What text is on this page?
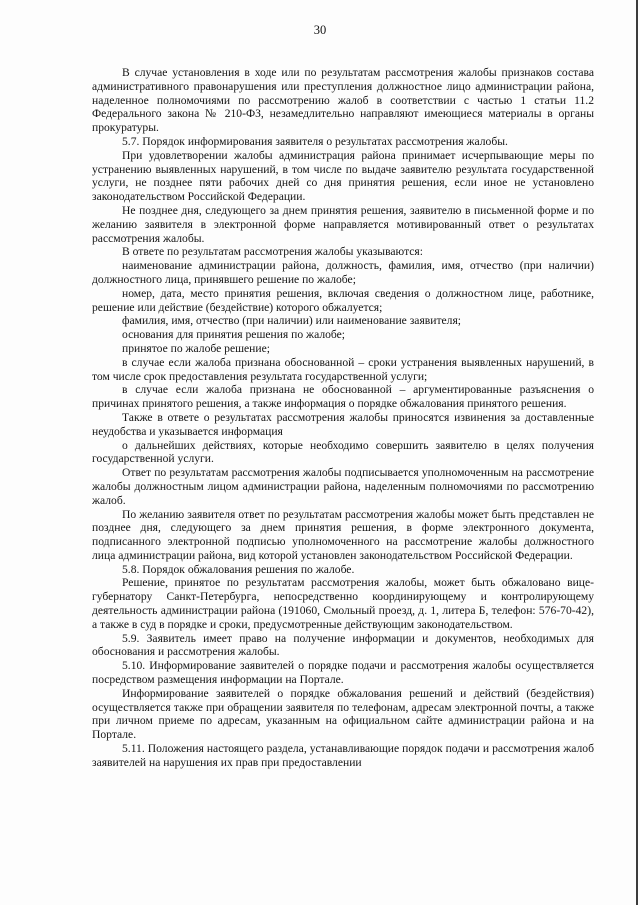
30

В случае установления в ходе или по результатам рассмотрения жалобы признаков состава административного правонарушения или преступления должностное лицо администрации района, наделенное полномочиями по рассмотрению жалоб в соответствии с частью 1 статьи 11.2 Федерального закона № 210-ФЗ, незамедлительно направляют имеющиеся материалы в органы прокуратуры.

5.7. Порядок информирования заявителя о результатах рассмотрения жалобы.

При удовлетворении жалобы администрация района принимает исчерпывающие меры по устранению выявленных нарушений, в том числе по выдаче заявителю результата государственной услуги, не позднее пяти рабочих дней со дня принятия решения, если иное не установлено законодательством Российской Федерации.

Не позднее дня, следующего за днем принятия решения, заявителю в письменной форме и по желанию заявителя в электронной форме направляется мотивированный ответ о результатах рассмотрения жалобы.

В ответе по результатам рассмотрения жалобы указываются:

наименование администрации района, должность, фамилия, имя, отчество (при наличии) должностного лица, принявшего решение по жалобе;

номер, дата, место принятия решения, включая сведения о должностном лице, работнике, решение или действие (бездействие) которого обжалуется;

фамилия, имя, отчество (при наличии) или наименование заявителя;

основания для принятия решения по жалобе;

принятое по жалобе решение;

в случае если жалоба признана обоснованной – сроки устранения выявленных нарушений, в том числе срок предоставления результата государственной услуги;

в случае если жалоба признана не обоснованной – аргументированные разъяснения о причинах принятого решения, а также информация о порядке обжалования принятого решения.

Также в ответе о результатах рассмотрения жалобы приносятся извинения за доставленные неудобства и указывается информация

о дальнейших действиях, которые необходимо совершить заявителю в целях получения государственной услуги.

Ответ по результатам рассмотрения жалобы подписывается уполномоченным на рассмотрение жалобы должностным лицом администрации района, наделенным полномочиями по рассмотрению жалоб.

По желанию заявителя ответ по результатам рассмотрения жалобы может быть представлен не позднее дня, следующего за днем принятия решения, в форме электронного документа, подписанного электронной подписью уполномоченного на рассмотрение жалобы должностного лица администрации района, вид которой установлен законодательством Российской Федерации.

5.8. Порядок обжалования решения по жалобе.

Решение, принятое по результатам рассмотрения жалобы, может быть обжаловано вице-губернатору Санкт-Петербурга, непосредственно координирующему и контролирующему деятельность администрации района (191060, Смольный проезд, д. 1, литера Б, телефон: 576-70-42), а также в суд в порядке и сроки, предусмотренные действующим законодательством.

5.9. Заявитель имеет право на получение информации и документов, необходимых для обоснования и рассмотрения жалобы.

5.10. Информирование заявителей о порядке подачи и рассмотрения жалобы осуществляется посредством размещения информации на Портале.

Информирование заявителей о порядке обжалования решений и действий (бездействия) осуществляется также при обращении заявителя по телефонам, адресам электронной почты, а также при личном приеме по адресам, указанным на официальном сайте администрации района и на Портале.

5.11. Положения настоящего раздела, устанавливающие порядок подачи и рассмотрения жалоб заявителей на нарушения их прав при предоставлении
